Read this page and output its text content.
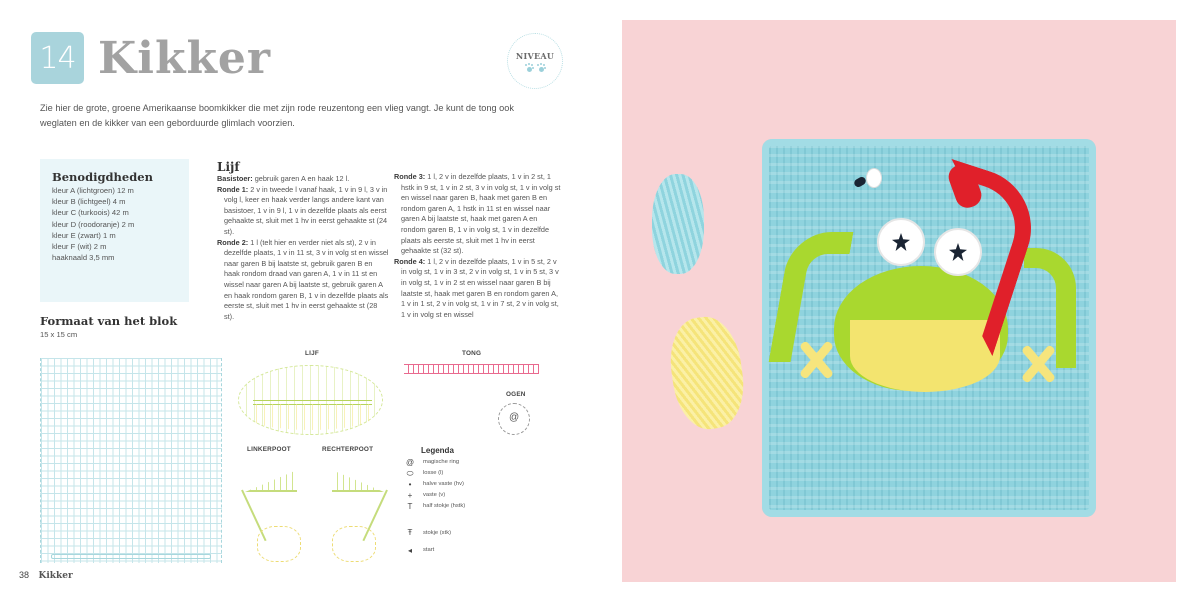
14 Kikker	NIVEAU

Zie hier de grote, groene Amerikaanse boomkikker die met zijn rode reuzentong een vlieg vangt. Je kunt de tong ook weglaten en de kikker van een geborduurde glimlach voorzien.

Benodigdheden
kleur A (lichtgroen) 12 m
kleur B (lichtgeel) 4 m
kleur C (turkoois) 42 m
kleur D (roodoranje) 2 m
kleur E (zwart) 1 m
kleur F (wit) 2 m
haaknaald 3,5 mm
Formaat van het blok

15 x 15 cm

Lijf

Basistoer: gebruik garen A en haak 12 l.

Ronde 1: 2 v in tweede l vanaf haak, 1 v in 9 l, 3 v in volg l, keer en haak verder langs andere kant van basistoer, 1 v in 9 l, 1 v in dezelfde plaats als eerst gehaakte st, sluit met 1 hv in eerst gehaakte st (24 st).

Ronde 2: 1 l (telt hier en verder niet als st), 2 v in dezelfde plaats, 1 v in 11 st, 3 v in volg st en wissel naar garen B bij laatste st, gebruik garen B en haak rondom draad van garen A, 1 v in 11 st en wissel naar garen A bij laatste st, gebruik garen A en haak rondom garen B, 1 v in dezelfde plaats als eerste st, sluit met 1 hv in eerst gehaakte st (28 st).

Ronde 3: 1 l, 2 v in dezelfde plaats, 1 v in 2 st, 1 hstk in 9 st, 1 v in 2 st, 3 v in volg st, 1 v in volg st en wissel naar garen B, haak met garen B en rondom garen A, 1 hstk in 11 st en wissel naar garen A bij laatste st, haak met garen A en rondom garen B, 1 v in volg st, 1 v in dezelfde plaats als eerste st, sluit met 1 hv in eerst gehaakte st (32 st).

Ronde 4: 1 l, 2 v in dezelfde plaats, 1 v in 5 st, 2 v in volg st, 1 v in 3 st, 2 v in volg st, 1 v in 5 st, 3 v in volg st, 1 v in 2 st en wissel naar garen B bij laatste st, haak met garen B en rondom garen A, 1 v in 1 st, 2 v in volg st, 1 v in 7 st, 2 v in volg st, 1 v in volg st en wissel

LIJF	TONG
OGEN
@
LINKERPOOT	RECHTERPOOT	Legenda
@	magische ring
⬭	losse (l)
•	halve vaste (hv)
+	vaste (v)
T	half stokje (hstk)
Ŧ	stokje (stk)
◂	start
38 Kikker
